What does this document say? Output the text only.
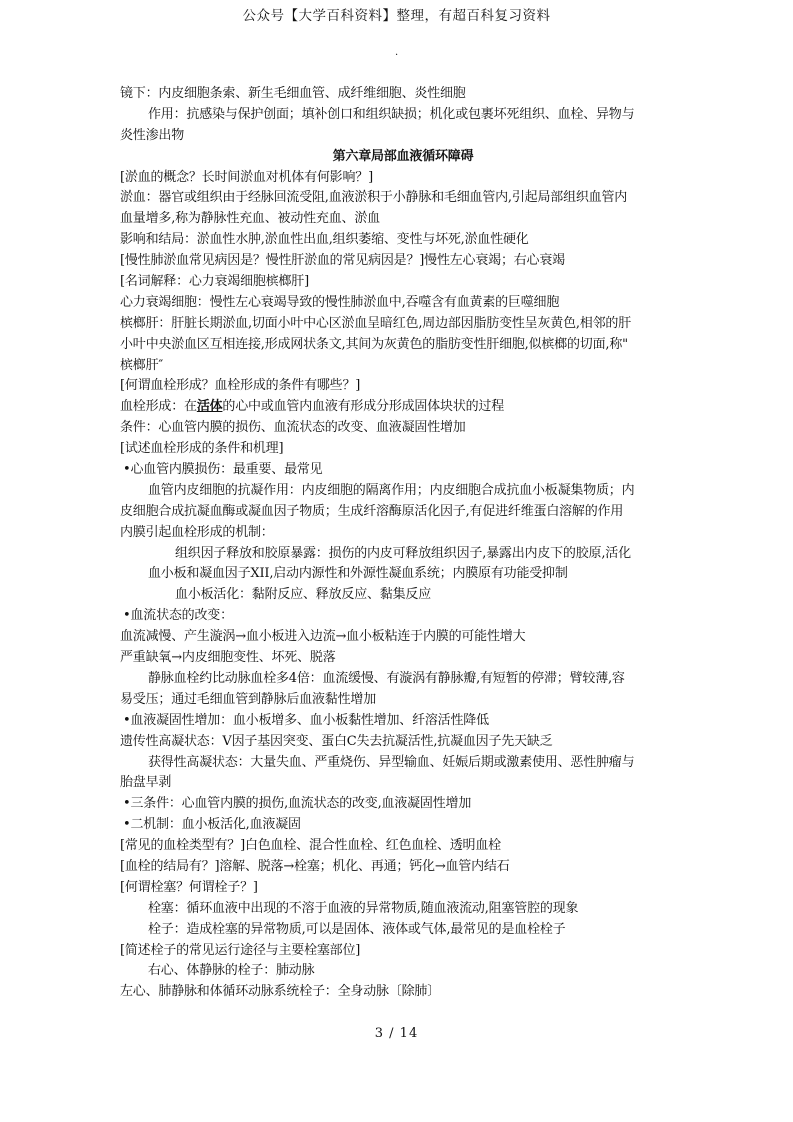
公众号【大学百科资料】整理，有超百科复习资料
.
镜下：内皮细胞条索、新生毛细血管、成纤维细胞、炎性细胞
作用：抗感染与保护创面；填补创口和组织缺损；机化或包裹坏死组织、血栓、异物与
炎性渗出物
第六章局部血液循环障碍
[淤血的概念？长时间淤血对机体有何影响？]
淤血：器官或组织由于经脉回流受阻,血液淤积于小静脉和毛细血管内,引起局部组织血管内
血量增多,称为静脉性充血、被动性充血、淤血
影响和结局：淤血性水肿,淤血性出血,组织萎缩、变性与坏死,淤血性硬化
[慢性肺淤血常见病因是？慢性肝淤血的常见病因是？]慢性左心衰竭；右心衰竭
[名词解释：心力衰竭细胞槟榔肝]
心力衰竭细胞：慢性左心衰竭导致的慢性肺淤血中,吞噬含有血黄素的巨噬细胞
槟榔肝：肝脏长期淤血,切面小叶中心区淤血呈暗红色,周边部因脂肪变性呈灰黄色,相邻的肝
小叶中央淤血区互相连接,形成网状条文,其间为灰黄色的脂肪变性肝细胞,似槟榔的切面,称"
槟榔肝″
[何谓血栓形成？血栓形成的条件有哪些？]
血栓形成：在活体的心中或血管内血液有形成分形成固体块状的过程
条件：心血管内膜的损伤、血流状态的改变、血液凝固性增加
[试述血栓形成的条件和机理]
•心血管内膜损伤：最重要、最常见
血管内皮细胞的抗凝作用：内皮细胞的隔离作用；内皮细胞合成抗血小板凝集物质；内
皮细胞合成抗凝血酶或凝血因子物质；生成纤溶酶原活化因子,有促进纤维蛋白溶解的作用
内膜引起血栓形成的机制：
组织因子释放和胶原暴露：损伤的内皮可释放组织因子,暴露出内皮下的胶原,活化
血小板和凝血因子XII,启动内源性和外源性凝血系统；内膜原有功能受抑制
血小板活化：黏附反应、释放反应、黏集反应
•血流状态的改变：
血流减慢、产生漩涡→血小板进入边流→血小板粘连于内膜的可能性增大
严重缺氧→内皮细胞变性、坏死、脱落
静脉血栓约比动脉血栓多4倍：血流缓慢、有漩涡有静脉瓣,有短暂的停滞；臂较薄,容
易受压；通过毛细血管到静脉后血液黏性增加
•血液凝固性增加：血小板增多、血小板黏性增加、纤溶活性降低
遗传性高凝状态：V因子基因突变、蛋白C失去抗凝活性,抗凝血因子先天缺乏
获得性高凝状态：大量失血、严重烧伤、异型输血、妊娠后期或激素使用、恶性肿瘤与
胎盘早剥
•三条件：心血管内膜的损伤,血流状态的改变,血液凝固性增加
•二机制：血小板活化,血液凝固
[常见的血栓类型有？]白色血栓、混合性血栓、红色血栓、透明血栓
[血栓的结局有？]溶解、脱落→栓塞；机化、再通；钙化→血管内结石
[何谓栓塞？何谓栓子？]
栓塞：循环血液中出现的不溶于血液的异常物质,随血液流动,阻塞管腔的现象
栓子：造成栓塞的异常物质,可以是固体、液体或气体,最常见的是血栓栓子
[简述栓子的常见运行途径与主要栓塞部位]
右心、体静脉的栓子：肺动脉
左心、肺静脉和体循环动脉系统栓子：全身动脉〔除肺〕
3 / 14
